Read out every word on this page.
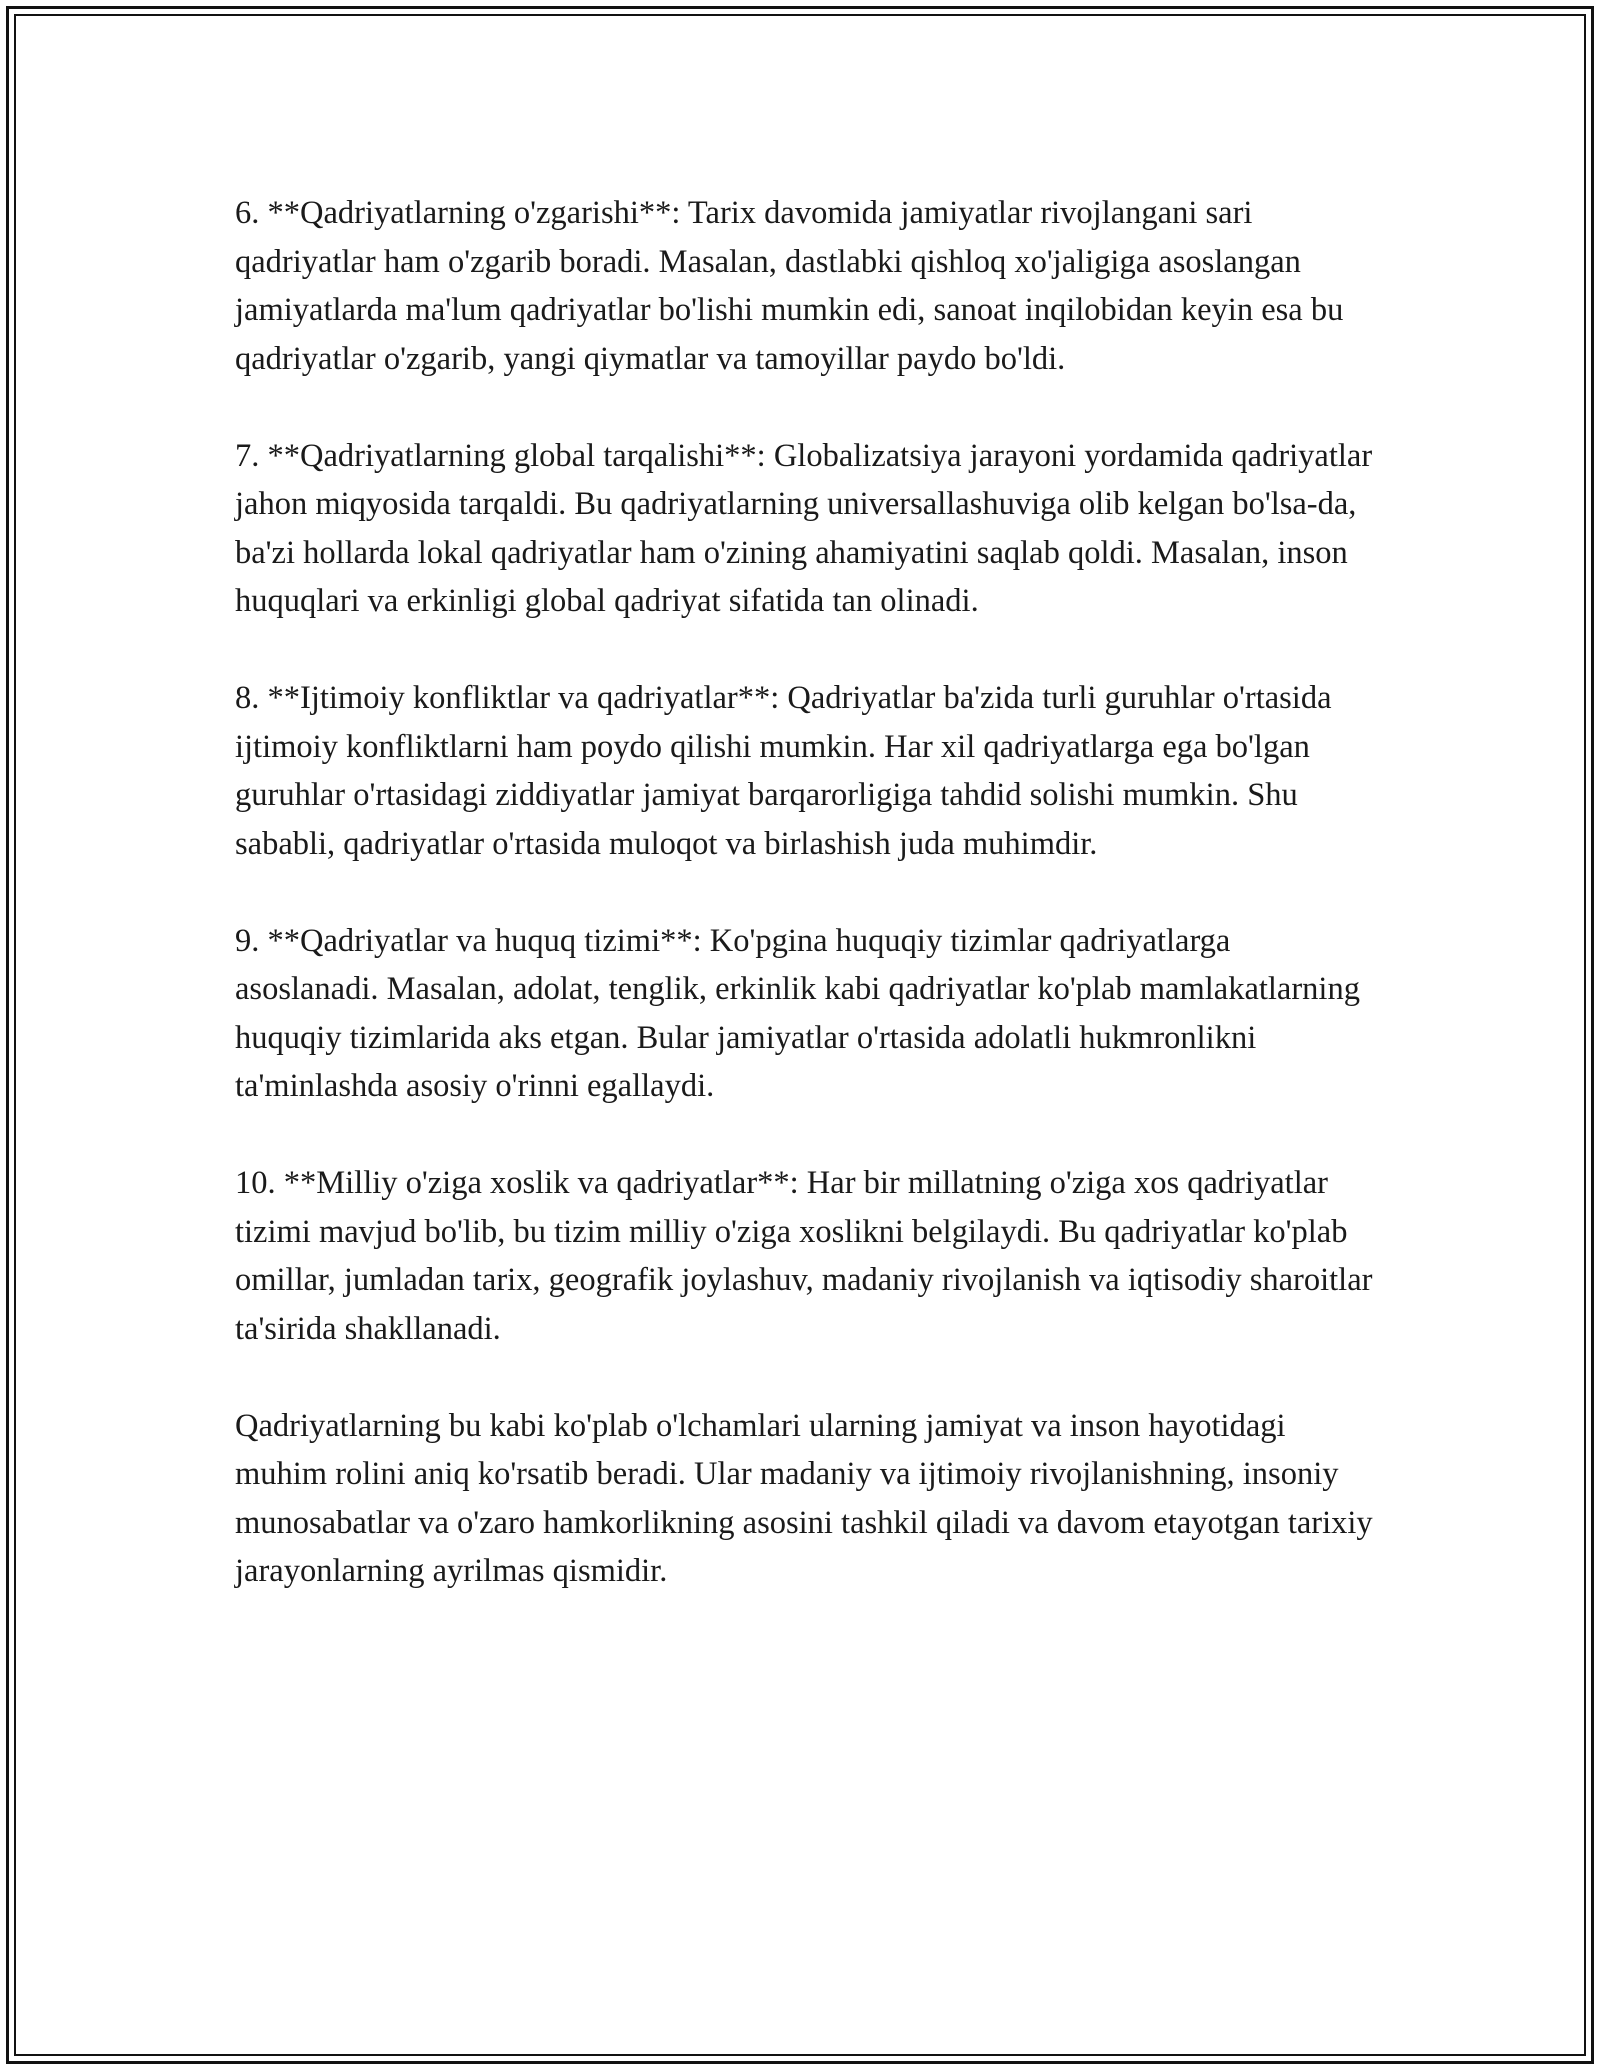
6. **Qadriyatlarning o'zgarishi**: Tarix davomida jamiyatlar rivojlangani sari qadriyatlar ham o'zgarib boradi. Masalan, dastlabki qishloq xo'jaligiga asoslangan jamiyatlarda ma'lum qadriyatlar bo'lishi mumkin edi, sanoat inqilobidan keyin esa bu qadriyatlar o'zgarib, yangi qiymatlar va tamoyillar paydo bo'ldi.

7. **Qadriyatlarning global tarqalishi**: Globalizatsiya jarayoni yordamida qadriyatlar jahon miqyosida tarqaldi. Bu qadriyatlarning universallashuviga olib kelgan bo'lsa-da, ba'zi hollarda lokal qadriyatlar ham o'zining ahamiyatini saqlab qoldi. Masalan, inson huquqlari va erkinligi global qadriyat sifatida tan olinadi.

8. **Ijtimoiy konfliktlar va qadriyatlar**: Qadriyatlar ba'zida turli guruhlar o'rtasida ijtimoiy konfliktlarni ham poydo qilishi mumkin. Har xil qadriyatlarga ega bo'lgan guruhlar o'rtasidagi ziddiyatlar jamiyat barqarorligiga tahdid solishi mumkin. Shu sababli, qadriyatlar o'rtasida muloqot va birlashish juda muhimdir.

9. **Qadriyatlar va huquq tizimi**: Ko'pgina huquqiy tizimlar qadriyatlarga asoslanadi. Masalan, adolat, tenglik, erkinlik kabi qadriyatlar ko'plab mamlakatlarning huquqiy tizimlarida aks etgan. Bular jamiyatlar o'rtasida adolatli hukmronlikni ta'minlashda asosiy o'rinni egallaydi.

10. **Milliy o'ziga xoslik va qadriyatlar**: Har bir millatning o'ziga xos qadriyatlar tizimi mavjud bo'lib, bu tizim milliy o'ziga xoslikni belgilaydi. Bu qadriyatlar ko'plab omillar, jumladan tarix, geografik joylashuv, madaniy rivojlanish va iqtisodiy sharoitlar ta'sirida shakllanadi.

Qadriyatlarning bu kabi ko'plab o'lchamlari ularning jamiyat va inson hayotidagi muhim rolini aniq ko'rsatib beradi. Ular madaniy va ijtimoiy rivojlanishning, insoniy munosabatlar va o'zaro hamkorlikning asosini tashkil qiladi va davom etayotgan tarixiy jarayonlarning ayrilmas qismidir.
